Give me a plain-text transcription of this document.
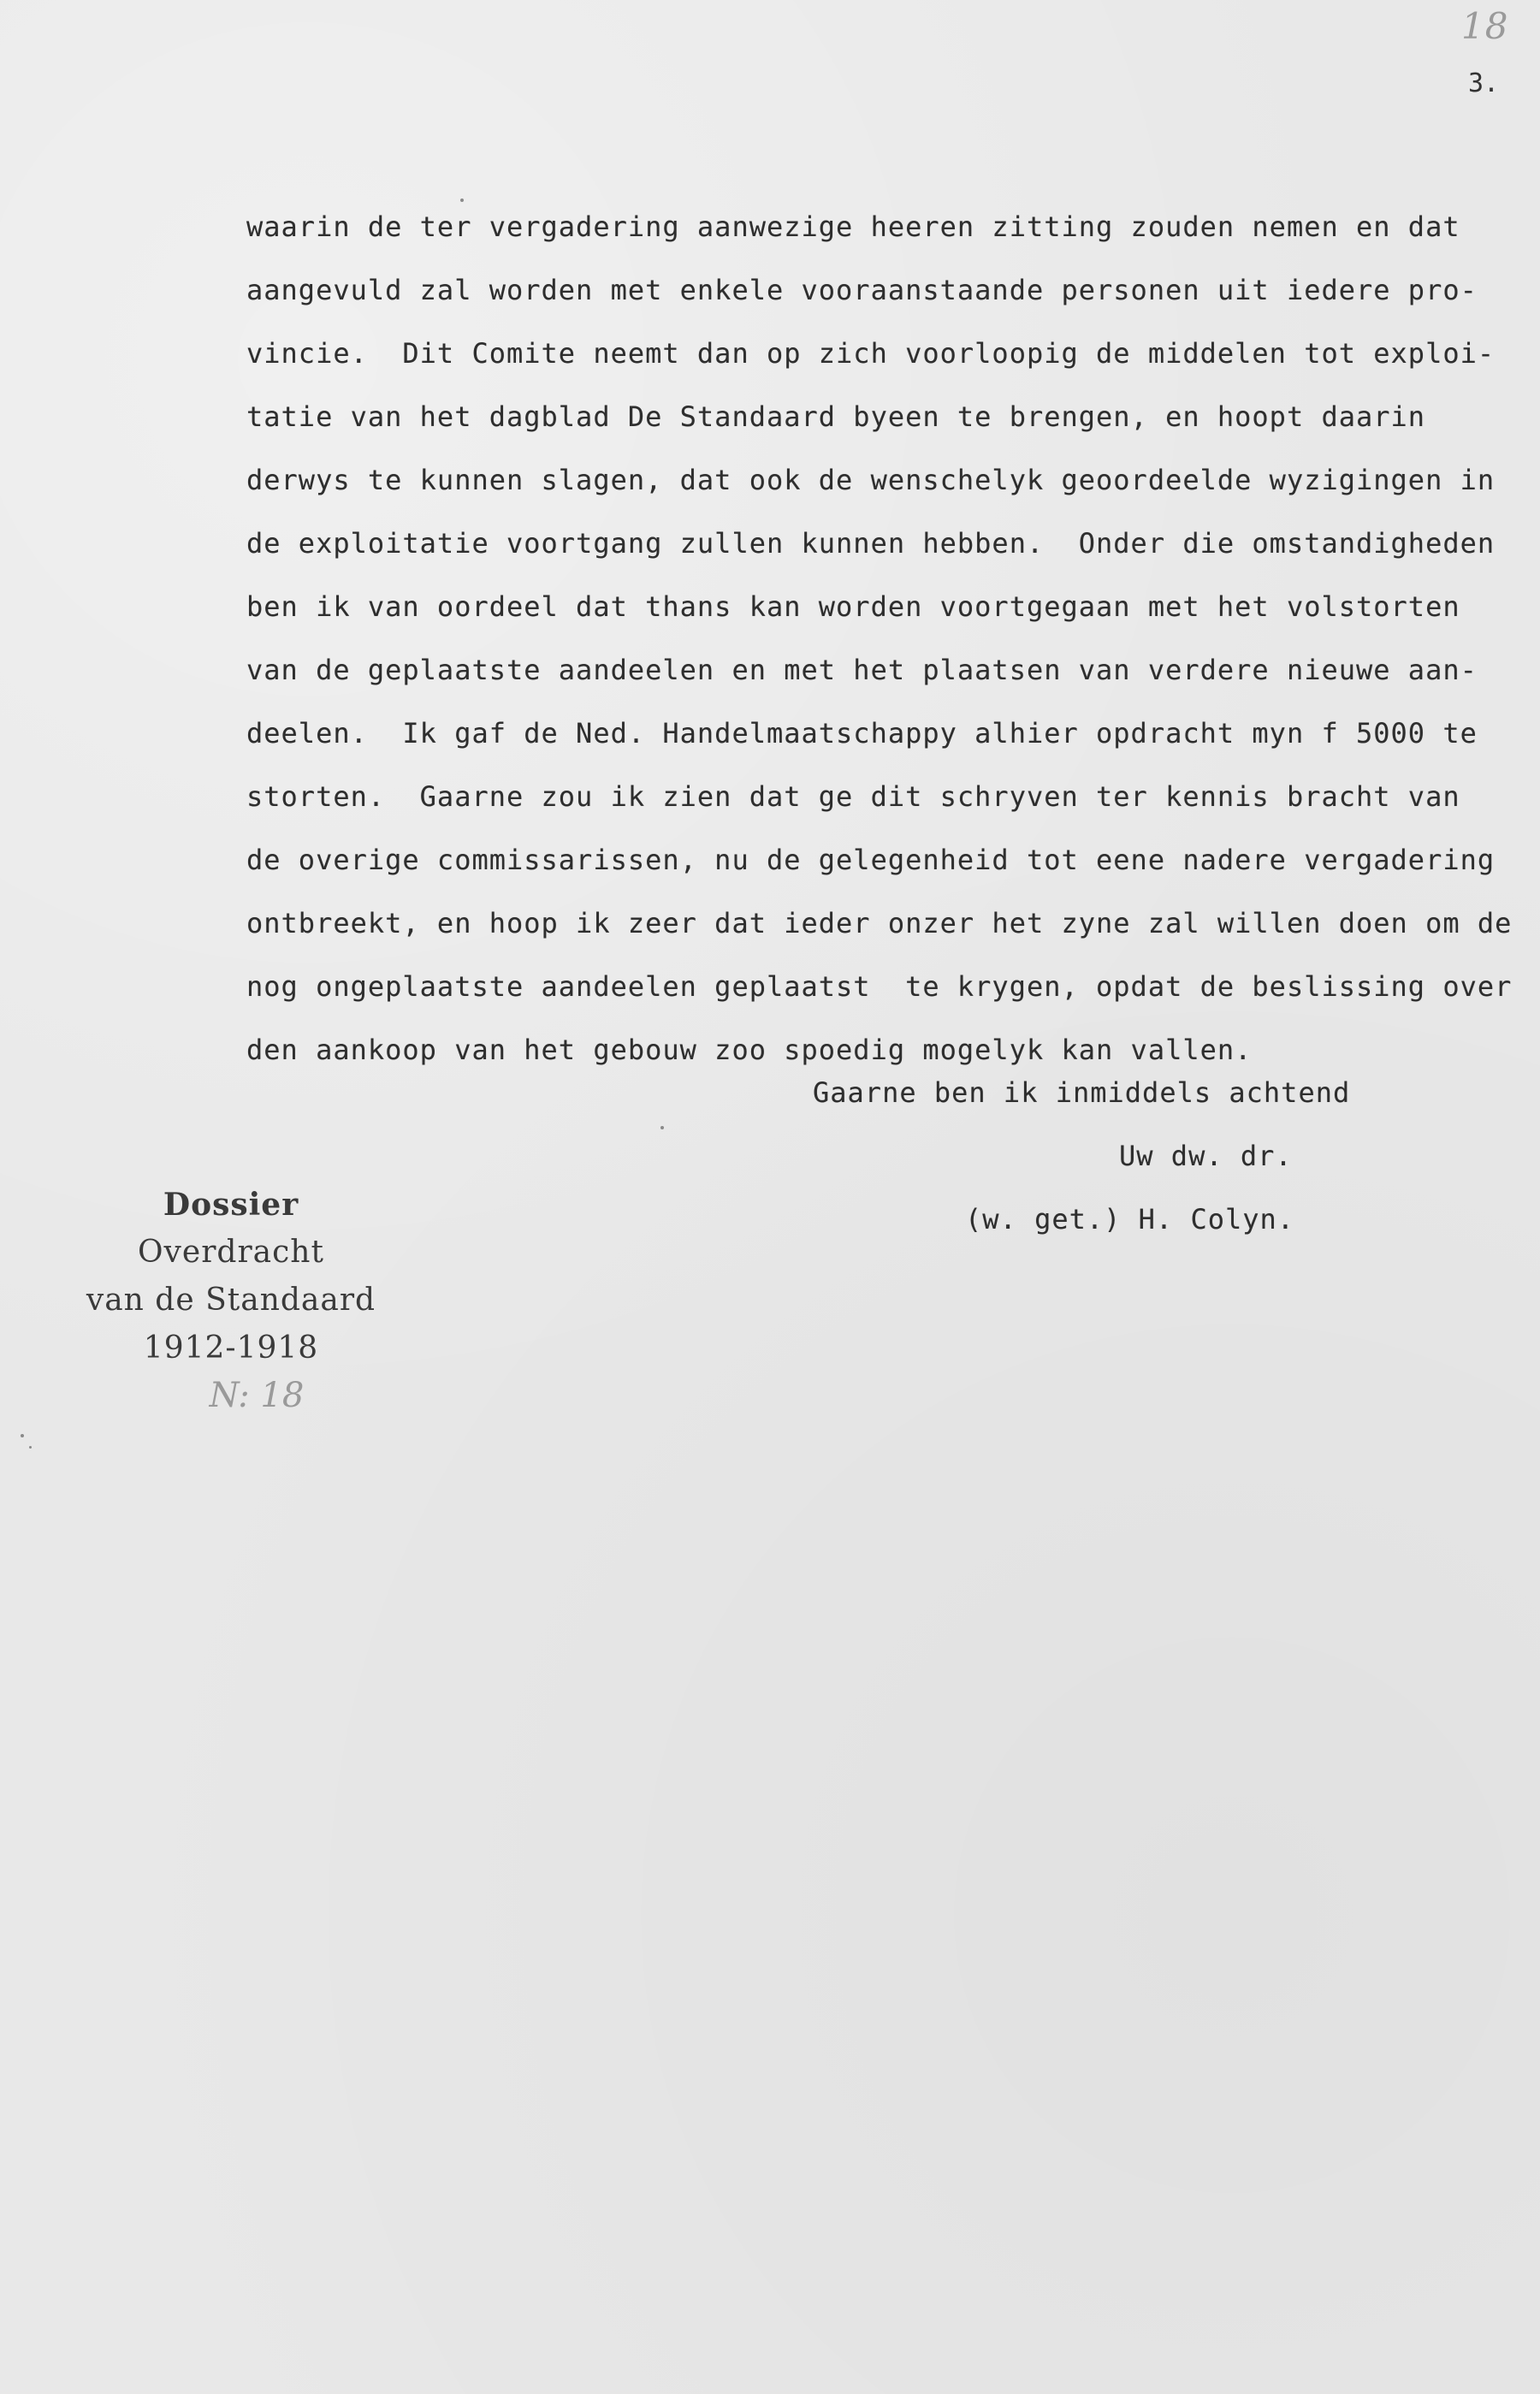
18
3.
waarin de ter vergadering aanwezige heeren zitting zouden nemen en dat
aangevuld zal worden met enkele vooraanstaande personen uit iedere pro-
vincie.  Dit Comite neemt dan op zich voorloopig de middelen tot exploi-
tatie van het dagblad De Standaard byeen te brengen, en hoopt daarin
derwys te kunnen slagen, dat ook de wenschelyk geoordeelde wyzigingen in
de exploitatie voortgang zullen kunnen hebben.  Onder die omstandigheden
ben ik van oordeel dat thans kan worden voortgegaan met het volstorten
van de geplaatste aandeelen en met het plaatsen van verdere nieuwe aan-
deelen.  Ik gaf de Ned. Handelmaatschappy alhier opdracht myn f 5000 te
storten.  Gaarne zou ik zien dat ge dit schryven ter kennis bracht van
de overige commissarissen, nu de gelegenheid tot eene nadere vergadering
ontbreekt, en hoop ik zeer dat ieder onzer het zyne zal willen doen om de
nog ongeplaatste aandeelen geplaatst  te krygen, opdat de beslissing over
den aankoop van het gebouw zoo spoedig mogelyk kan vallen.
Gaarne ben ik inmiddels achtend
Uw dw. dr.
(w. get.) H. Colyn.
Dossier
Overdracht
van de Standaard
1912-1918
N: 18
